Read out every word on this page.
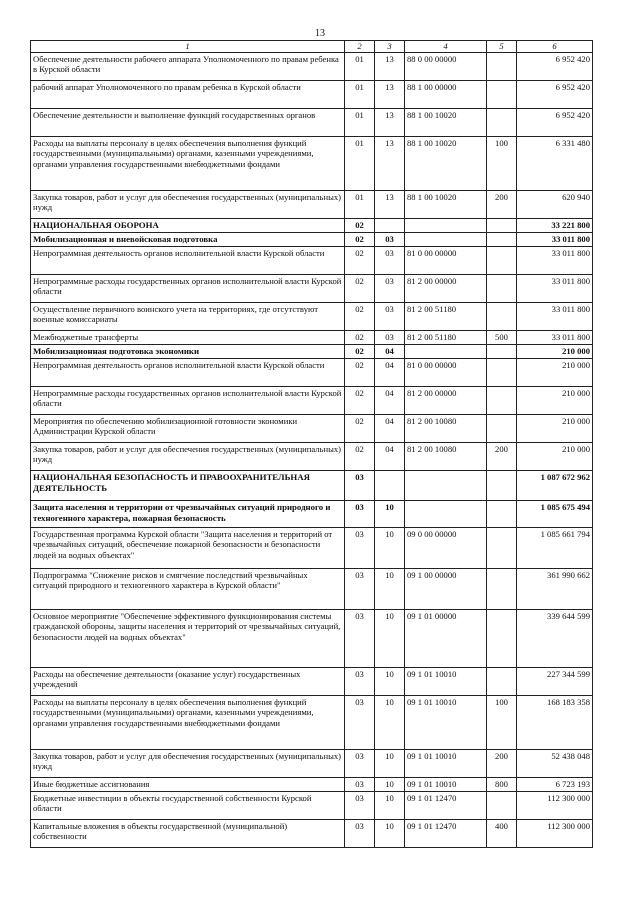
13
1	2	3	4	5	6
Обеспечение деятельности рабочего аппарата Уполномоченного по правам ребенка в Курской области	01	13	88 0 00 00000		6 952 420
рабочий аппарат Уполномоченного по правам ребенка в Курской области	01	13	88 1 00 00000		6 952 420
Обеспечение деятельности и выполнение функций государственных органов	01	13	88 1 00 10020		6 952 420
Расходы на выплаты персоналу в целях обеспечения выполнения функций государственными (муниципальными) органами, казенными учреждениями, органами управления государственными внебюджетными фондами	01	13	88 1 00 10020	100	6 331 480
Закупка товаров, работ и услуг для обеспечения государственных (муниципальных) нужд	01	13	88 1 00 10020	200	620 940
НАЦИОНАЛЬНАЯ ОБОРОНА	02				33 221 800
Мобилизационная и вневойсковая подготовка	02	03			33 011 800
Непрограммная деятельность органов исполнительной власти Курской области	02	03	81 0 00 00000		33 011 800
Непрограммные расходы государственных органов исполнительной власти Курской области	02	03	81 2 00 00000		33 011 800
Осуществление первичного воинского учета на территориях, где отсутствуют военные комиссариаты	02	03	81 2 00 51180		33 011 800
Межбюджетные трансферты	02	03	81 2 00 51180	500	33 011 800
Мобилизационная подготовка экономики	02	04			210 000
Непрограммная деятельность органов исполнительной власти Курской области	02	04	81 0 00 00000		210 000
Непрограммные расходы государственных органов исполнительной власти Курской области	02	04	81 2 00 00000		210 000
Мероприятия по обеспечению мобилизационной готовности экономики Администрации Курской области	02	04	81 2 00 10080		210 000
Закупка товаров, работ и услуг для обеспечения государственных (муниципальных) нужд	02	04	81 2 00 10080	200	210 000
НАЦИОНАЛЬНАЯ БЕЗОПАСНОСТЬ И ПРАВООХРАНИТЕЛЬНАЯ ДЕЯТЕЛЬНОСТЬ	03				1 087 672 962
Защита населения и территории от чрезвычайных ситуаций природного и техногенного характера, пожарная безопасность	03	10			1 085 675 494
Государственная программа Курской области "Защита населения и территорий от чрезвычайных ситуаций, обеспечение пожарной безопасности и безопасности людей на водных объектах"	03	10	09 0 00 00000		1 085 661 794
Подпрограмма "Снижение рисков и смягчение последствий чрезвычайных ситуаций природного и техногенного характера в Курской области"	03	10	09 1 00 00000		361 990 662
Основное мероприятие "Обеспечение эффективного функционирования системы гражданской обороны, защиты населения и территорий от чрезвычайных ситуаций, безопасности людей на водных объектах"	03	10	09 1 01 00000		339 644 599
Расходы на обеспечение деятельности (оказание услуг) государственных учреждений	03	10	09 1 01 10010		227 344 599
Расходы на выплаты персоналу в целях обеспечения выполнения функций государственными (муниципальными) органами, казенными учреждениями, органами управления государственными внебюджетными фондами	03	10	09 1 01 10010	100	168 183 358
Закупка товаров, работ и услуг для обеспечения государственных (муниципальных) нужд	03	10	09 1 01 10010	200	52 438 048
Иные бюджетные ассигнования	03	10	09 1 01 10010	800	6 723 193
Бюджетные инвестиции в объекты государственной собственности Курской области	03	10	09 1 01 12470		112 300 000
Капитальные вложения в объекты государственной (муниципальной) собственности	03	10	09 1 01 12470	400	112 300 000
